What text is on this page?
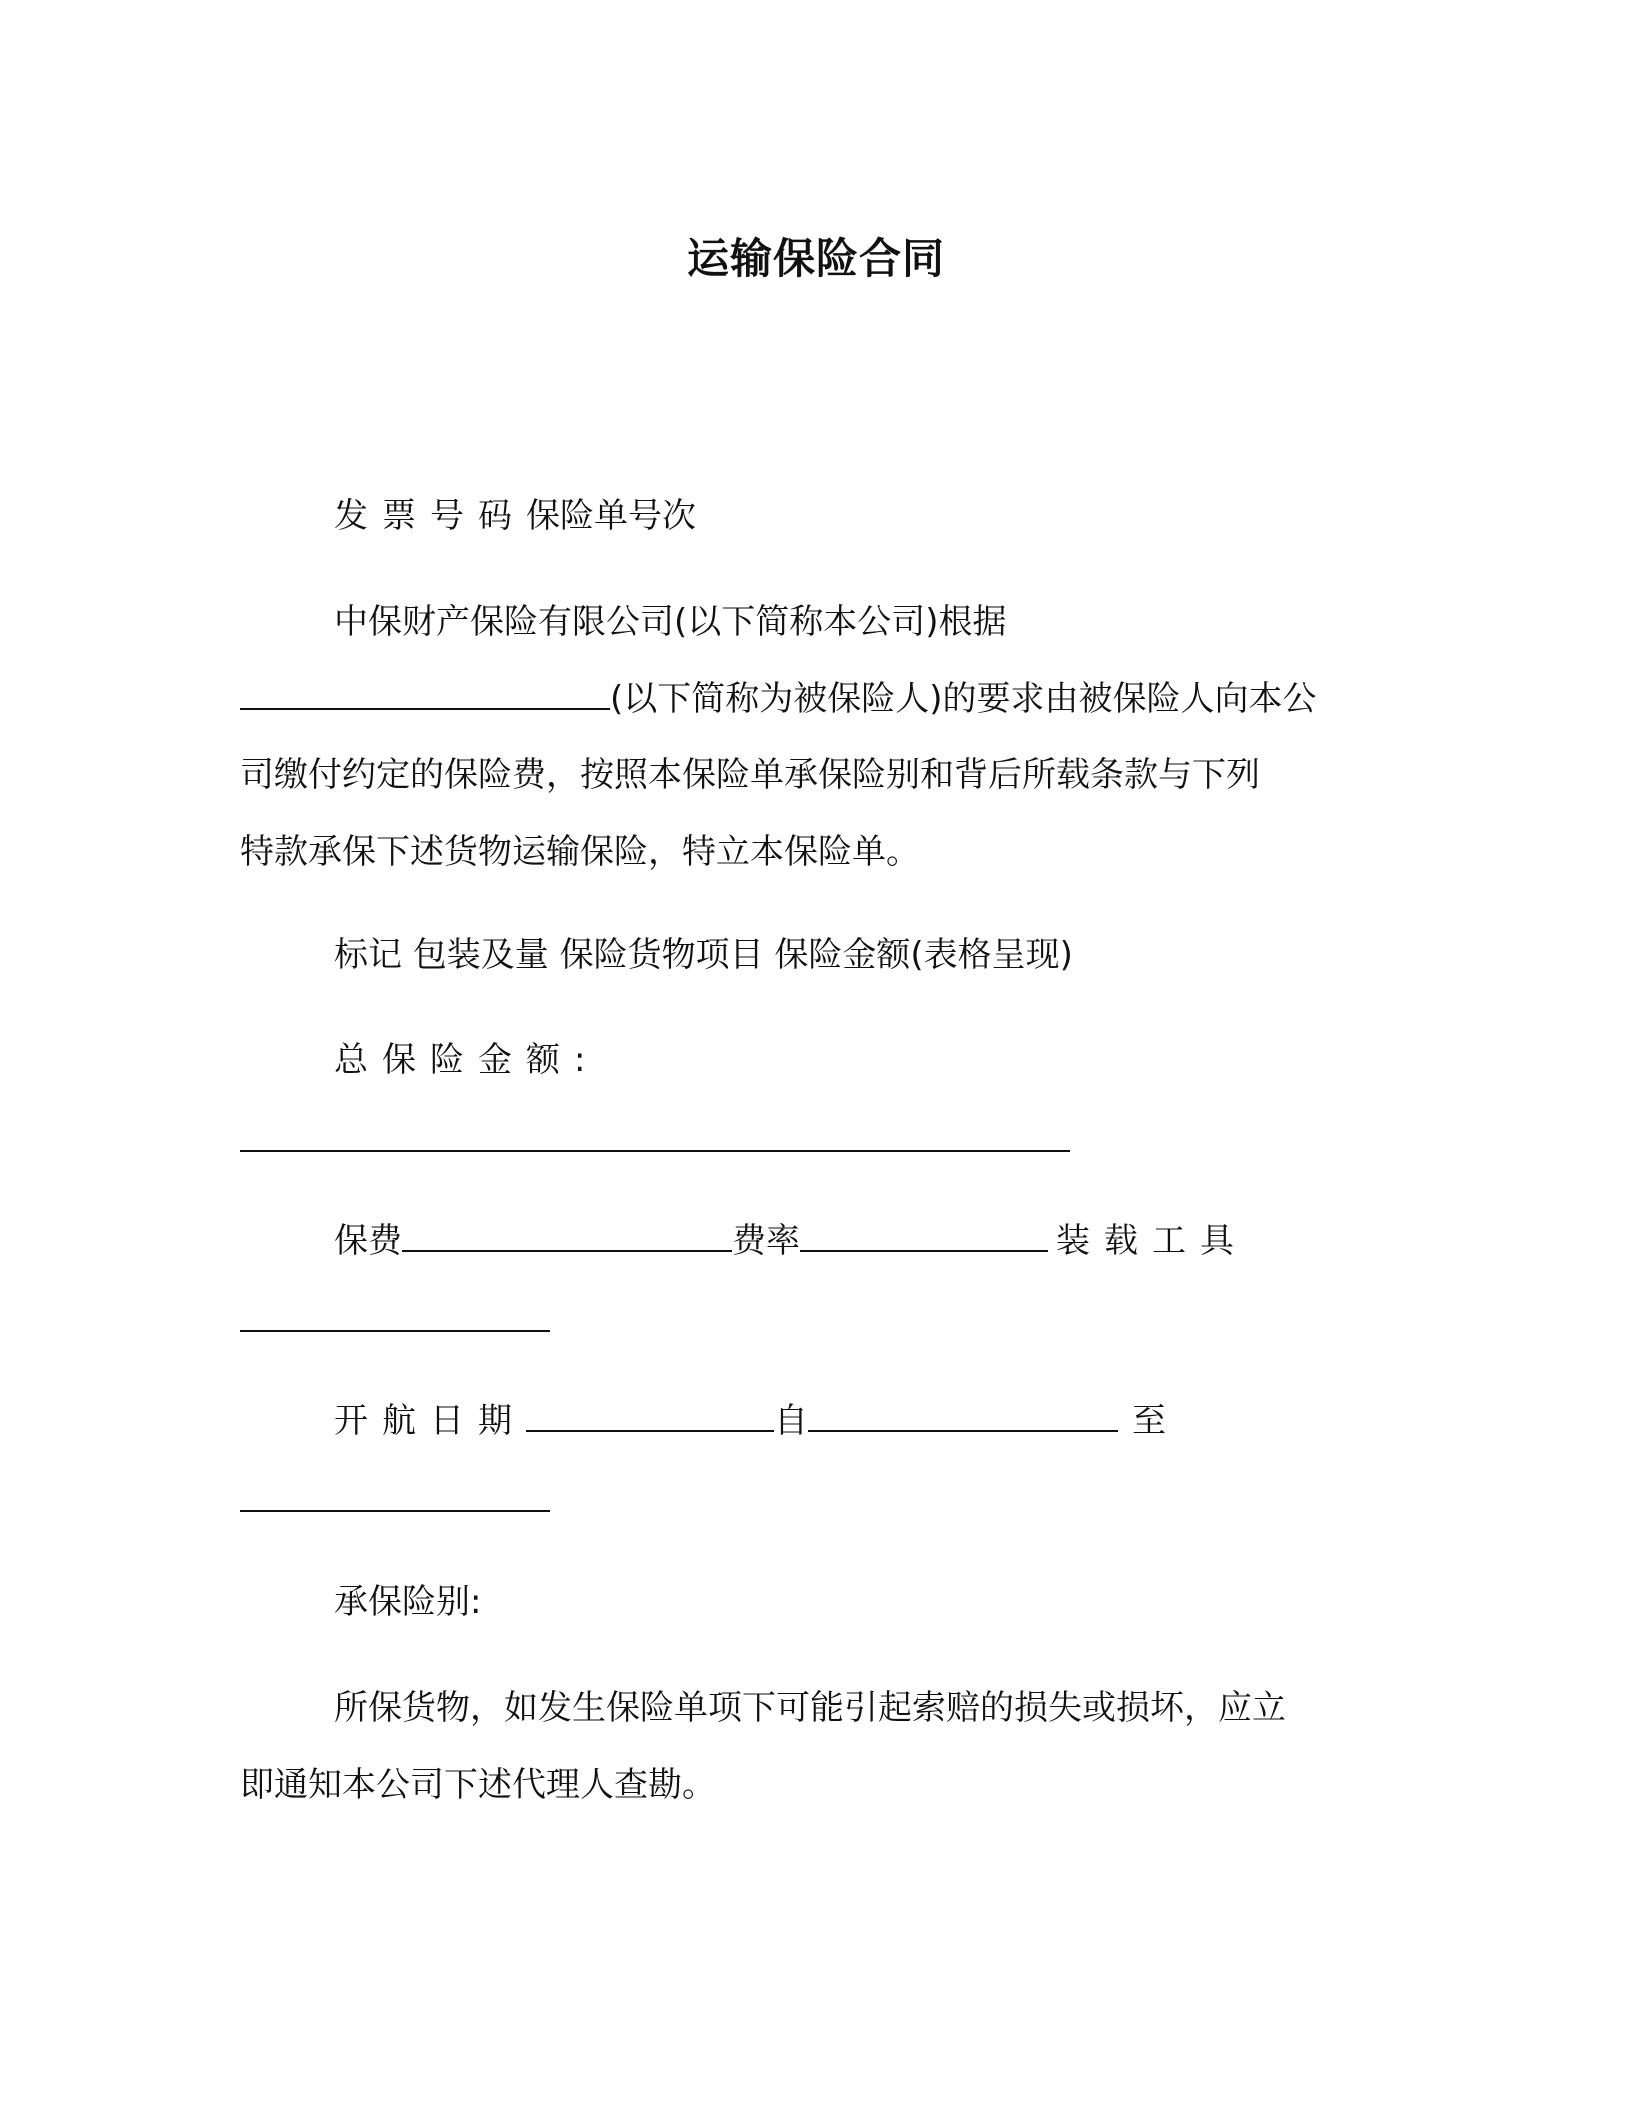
运输保险合同
发票号码保险单号次
中保财产保险有限公司(以下简称本公司)根据
(以下简称为被保险人)的要求由被保险人向本公
司缴付约定的保险费，按照本保险单承保险别和背后所载条款与下列
特款承保下述货物运输保险，特立本保险单。
标记 包装及量 保险货物项目 保险金额(表格呈现)
总保险金额:
保费	费率	装载工具
开航日期	自	至
承保险别:
所保货物，如发生保险单项下可能引起索赔的损失或损坏，应立
即通知本公司下述代理人查勘。
